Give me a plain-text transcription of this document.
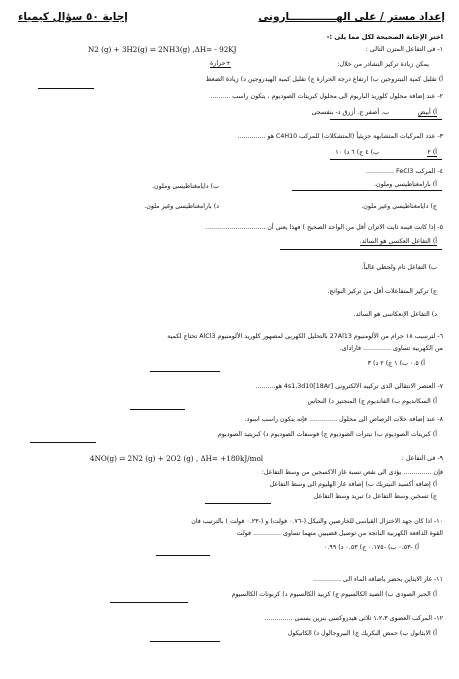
إعداد مستر / على الهـــــــــــــارونى
إجابة ٥٠ سؤال كيمياء
اختر الإجابة الصحيحة لكل مما يلى :-
١- فى التفاعل المتزن التالى :
N2 (g) + 3H2(g) ⇌ 2NH3(g) ,ΔH= - 92KJ
يمكن زيادة تركيز النشادر من خلال:
+حرارة
أ) تقليل كمية النيتروجين ب) ارتفاع درجة الحرارة ج) تقليل كمية الهيدروجين د) زيادة الضغط
٢- عند إضافة محلول كلوريد الباريوم الى محلول كبريتات الصوديوم ، يتكون راسب ..........
أ) أبيض
ب. أصفر ج. أزرق د- بنفسجى
٣- عدد المركبات المتشابهة جزيئياً (المتشكلات) للمركب C4H10 هو ..............
أ) ٢
ب) ٤ ج) ٦ د) ١٠
٤- المركب FeCl3 ..............
أ) بارامغناطيسى وملون.
ب) دايامغناطيسى وملون.
ج) دايامغناطيسى وغير ملون.
د) بارامغناطيسى وغير ملون.
٥- إذا كانت قيمة ثابت الاتزان أقل من الواحد الصحيح ) فهذا يعنى أن ..............................
أ) التفاعل العكسى هو السائد.
ب) التفاعل تام ولحظى غالباً.
ج) تركيز المتفاعلات أقل من تركيز النواتج.
د) التفاعل الإنعكاسى هو السائد.
٦- لترسيب ١٨ جرام من الألومنيوم 27Al13 بالتحليل الكهربى لمصهور كلوريد الألومنيوم AlCl3 تحتاج لكمية
من الكهربية تساوى .............. فاراداى.
أ) ٠.٥ ب) ١ ج) ٢ د) ٣
٧- العنصر الانتقالى الذى تركيبه الالكترونى [18Ar]4s1,3d10 هو..........
أ) السكانديوم ب) الفانديوم ج) المنجنيز د) النحاس
٨- عند إضافة خلات الرصاص الى محلول .............. فإنه يتكون راسب اسود.
أ) كبريتات الصوديوم ب) نيترات الصوديوم ج) فوسفات الصوديوم د) كبريتيد الصوديوم
٩- فى التفاعل :
4NO(g) ⇌ 2N2 (g) + 2O2 (g) , ΔH= +180kJ/mol
فإن .............. يؤدى الى نقص نسبة غاز الاكسجين من وسط التفاعل:
أ) إضافة أكسيد النيتريك ب) إضافة غاز الهليوم الى وسط التفاعل
ج) تسخين وسط التفاعل د) تبريد وسط التفاعل
١٠- اذا كان جهد الاختزال القياسى للخارصين والنيكل (-٠.٧٦ فولت) و (-٠.٢٣ فولت ) بالترتيب فان
القوة الدافعة الكهربية الناتجة من توصيل قضيبين منهما تساوى .............. فولت
أ) -٠.٥٣ ب) -٠.١٧٥ ج) ٠.٥٣ د) ٠.٩٩
١١- غاز الايثاين يحضر باضافة الماء الى ..............
أ) الجير الصودى ب) الصيد الكالسيوم ج) كربيد الكالسيوم د) كربونات الكالسيوم
١٢- المركب العضوى ١،٢،٣ ثلاثى هيدروكسى بنزين يسمى ..............
أ) الايثانول ب) حمض البكريك ج) البيروجالول د) الكاتيكول
